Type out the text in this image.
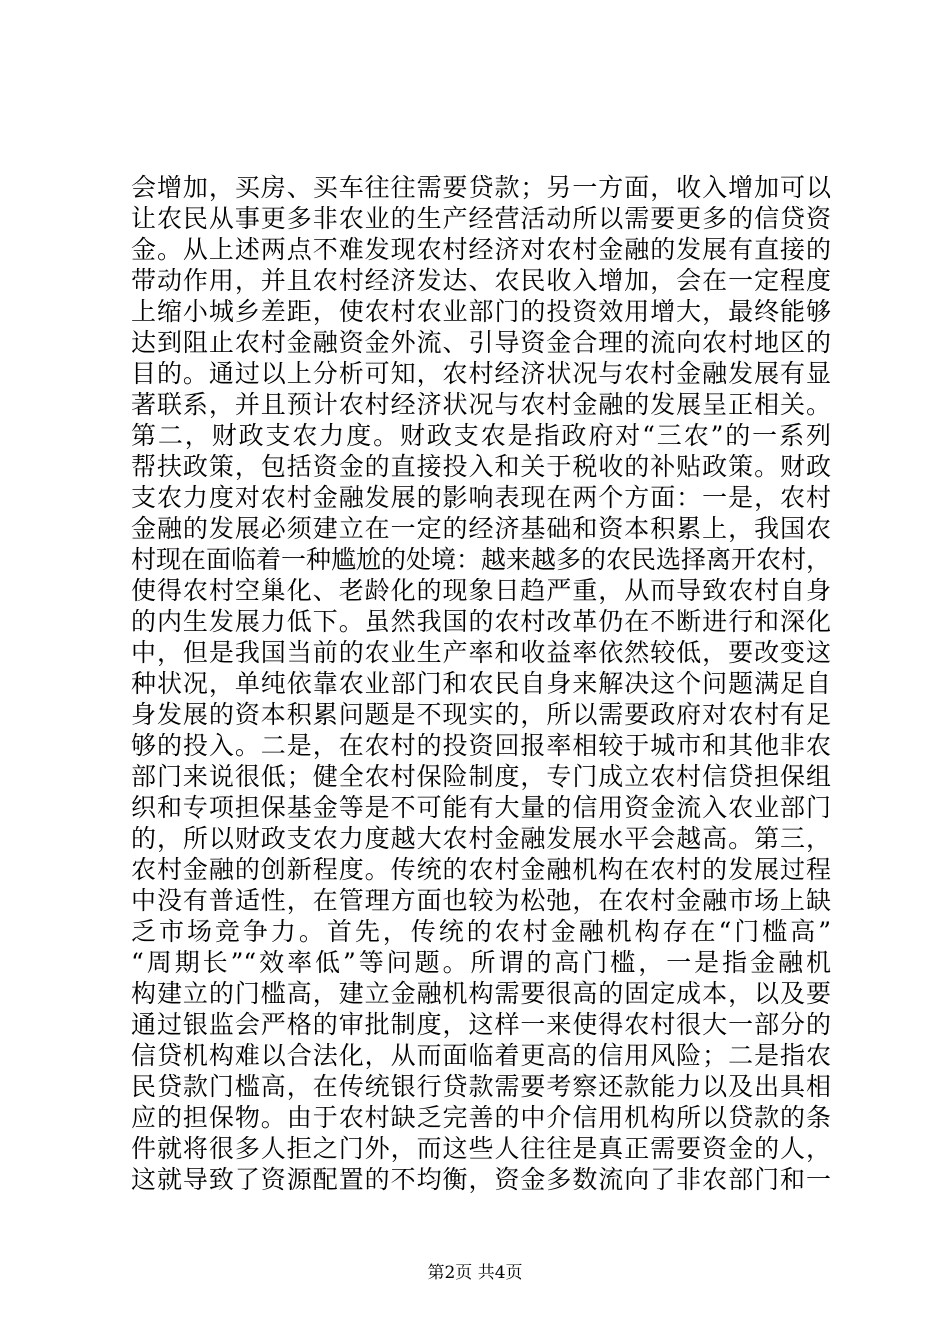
会增加，买房、买车往往需要贷款；另一方面，收入增加可以
让农民从事更多非农业的生产经营活动所以需要更多的信贷资
金。从上述两点不难发现农村经济对农村金融的发展有直接的
带动作用，并且农村经济发达、农民收入增加，会在一定程度
上缩小城乡差距，使农村农业部门的投资效用增大，最终能够
达到阻止农村金融资金外流、引导资金合理的流向农村地区的
目的。通过以上分析可知，农村经济状况与农村金融发展有显
著联系，并且预计农村经济状况与农村金融的发展呈正相关。
第二，财政支农力度。财政支农是指政府对“三农”的一系列
帮扶政策，包括资金的直接投入和关于税收的补贴政策。财政
支农力度对农村金融发展的影响表现在两个方面：一是，农村
金融的发展必须建立在一定的经济基础和资本积累上，我国农
村现在面临着一种尴尬的处境：越来越多的农民选择离开农村，
使得农村空巢化、老龄化的现象日趋严重，从而导致农村自身
的内生发展力低下。虽然我国的农村改革仍在不断进行和深化
中，但是我国当前的农业生产率和收益率依然较低，要改变这
种状况，单纯依靠农业部门和农民自身来解决这个问题满足自
身发展的资本积累问题是不现实的，所以需要政府对农村有足
够的投入。二是，在农村的投资回报率相较于城市和其他非农
部门来说很低；健全农村保险制度，专门成立农村信贷担保组
织和专项担保基金等是不可能有大量的信用资金流入农业部门
的，所以财政支农力度越大农村金融发展水平会越高。第三，
农村金融的创新程度。传统的农村金融机构在农村的发展过程
中没有普适性，在管理方面也较为松弛，在农村金融市场上缺
乏市场竞争力。首先，传统的农村金融机构存在“门槛高”
“周期长”“效率低”等问题。所谓的高门槛，一是指金融机
构建立的门槛高，建立金融机构需要很高的固定成本，以及要
通过银监会严格的审批制度，这样一来使得农村很大一部分的
信贷机构难以合法化，从而面临着更高的信用风险；二是指农
民贷款门槛高，在传统银行贷款需要考察还款能力以及出具相
应的担保物。由于农村缺乏完善的中介信用机构所以贷款的条
件就将很多人拒之门外，而这些人往往是真正需要资金的人，
这就导致了资源配置的不均衡，资金多数流向了非农部门和一
第2页 共4页
